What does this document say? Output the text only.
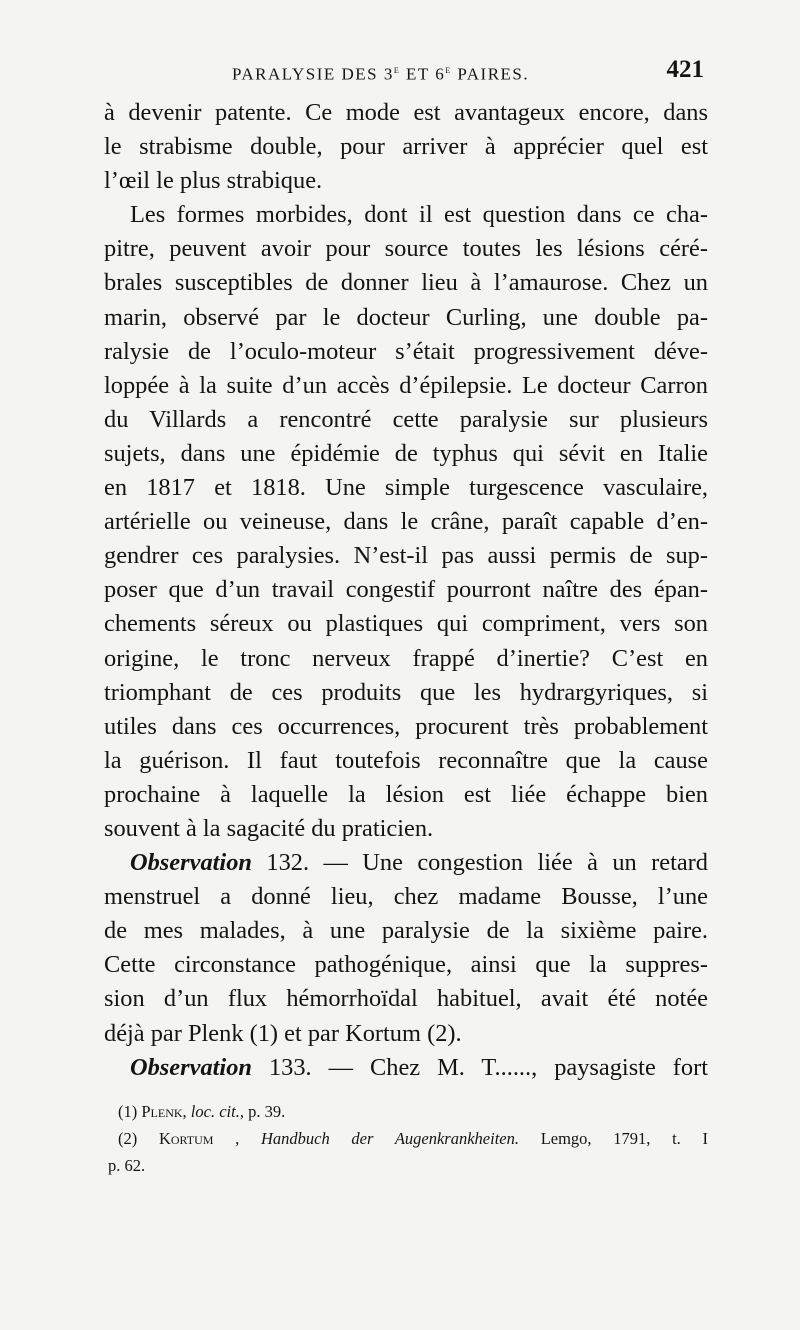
PARALYSIE DES 3e ET 6e PAIRES.	421
à devenir patente. Ce mode est avantageux encore, dans
le strabisme double, pour arriver à apprécier quel est
l’œil le plus strabique.
Les formes morbides, dont il est question dans ce cha-
pitre, peuvent avoir pour source toutes les lésions céré-
brales susceptibles de donner lieu à l’amaurose. Chez un
marin, observé par le docteur Curling, une double pa-
ralysie de l’oculo-moteur s’était progressivement déve-
loppée à la suite d’un accès d’épilepsie. Le docteur Carron
du Villards a rencontré cette paralysie sur plusieurs
sujets, dans une épidémie de typhus qui sévit en Italie
en 1817 et 1818. Une simple turgescence vasculaire,
artérielle ou veineuse, dans le crâne, paraît capable d’en-
gendrer ces paralysies. N’est-il pas aussi permis de sup-
poser que d’un travail congestif pourront naître des épan-
chements séreux ou plastiques qui compriment, vers son
origine, le tronc nerveux frappé d’inertie? C’est en
triomphant de ces produits que les hydrargyriques, si
utiles dans ces occurrences, procurent très probablement
la guérison. Il faut toutefois reconnaître que la cause
prochaine à laquelle la lésion est liée échappe bien
souvent à la sagacité du praticien.
Observation 132. — Une congestion liée à un retard
menstruel a donné lieu, chez madame Bousse, l’une
de mes malades, à une paralysie de la sixième paire.
Cette circonstance pathogénique, ainsi que la suppres-
sion d’un flux hémorrhoïdal habituel, avait été notée
déjà par Plenk (1) et par Kortum (2).
Observation 133. — Chez M. T......, paysagiste fort
(1) Plenk, loc. cit., p. 39.
(2) Kortum , Handbuch der Augenkrankheiten. Lemgo, 1791, t. I
p. 62.
